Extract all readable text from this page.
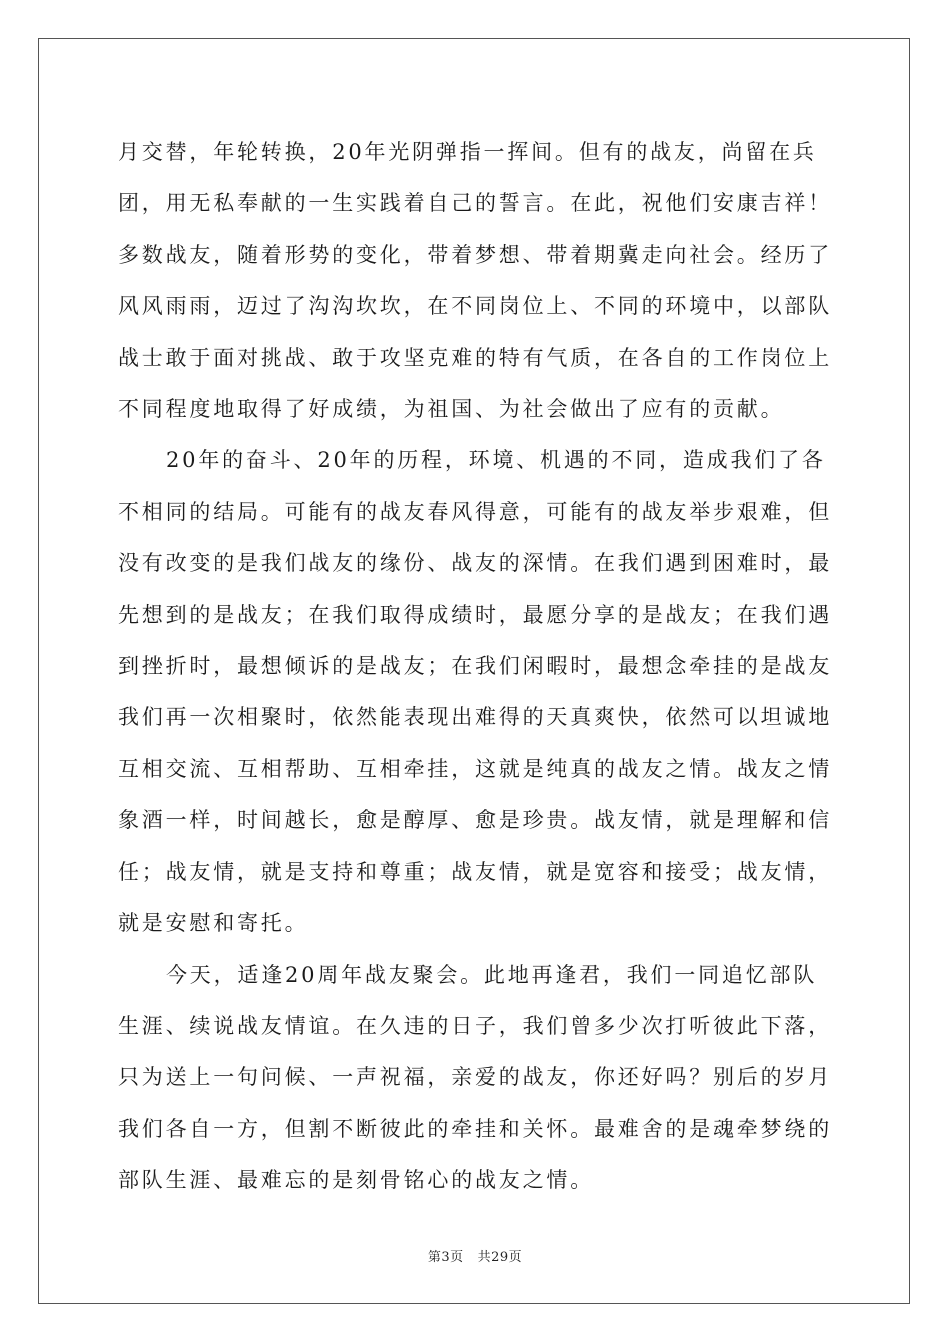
月交替，年轮转换，20年光阴弹指一挥间。但有的战友，尚留在兵
团，用无私奉献的一生实践着自己的誓言。在此，祝他们安康吉祥！
多数战友，随着形势的变化，带着梦想、带着期冀走向社会。经历了
风风雨雨，迈过了沟沟坎坎，在不同岗位上、不同的环境中，以部队
战士敢于面对挑战、敢于攻坚克难的特有气质，在各自的工作岗位上
不同程度地取得了好成绩，为祖国、为社会做出了应有的贡献。

20年的奋斗、20年的历程，环境、机遇的不同，造成我们了各
不相同的结局。可能有的战友春风得意，可能有的战友举步艰难，但
没有改变的是我们战友的缘份、战友的深情。在我们遇到困难时，最
先想到的是战友；在我们取得成绩时，最愿分享的是战友；在我们遇
到挫折时，最想倾诉的是战友；在我们闲暇时，最想念牵挂的是战友
我们再一次相聚时，依然能表现出难得的天真爽快，依然可以坦诚地
互相交流、互相帮助、互相牵挂，这就是纯真的战友之情。战友之情
象酒一样，时间越长，愈是醇厚、愈是珍贵。战友情，就是理解和信
任；战友情，就是支持和尊重；战友情，就是宽容和接受；战友情，
就是安慰和寄托。

今天，适逢20周年战友聚会。此地再逢君，我们一同追忆部队
生涯、续说战友情谊。在久违的日子，我们曾多少次打听彼此下落，
只为送上一句问候、一声祝福，亲爱的战友，你还好吗？别后的岁月
我们各自一方，但割不断彼此的牵挂和关怀。最难舍的是魂牵梦绕的
部队生涯、最难忘的是刻骨铭心的战友之情。

第3页 共29页
